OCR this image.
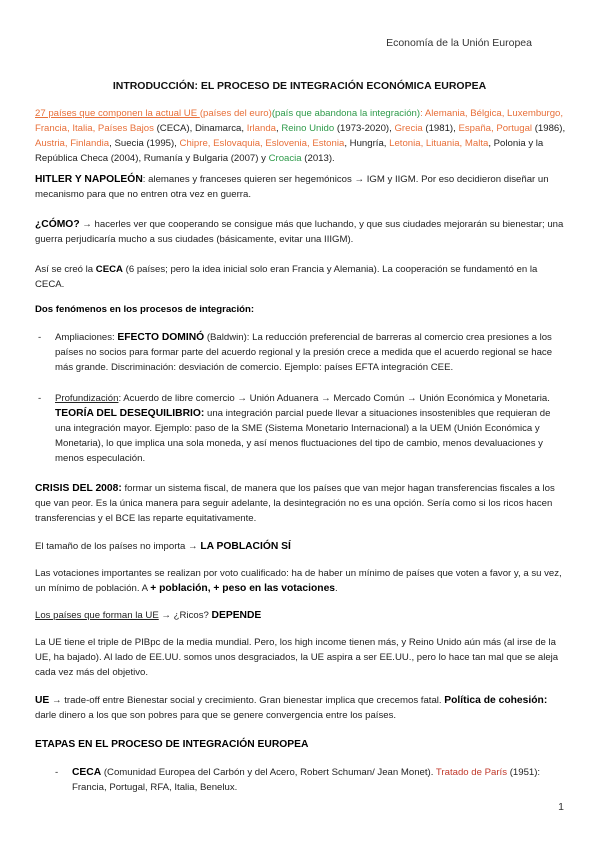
Economía de la Unión Europea
INTRODUCCIÓN: EL PROCESO DE INTEGRACIÓN ECONÓMICA EUROPEA
27 países que componen la actual UE (países del euro)(país que abandona la integración): Alemania, Bélgica, Luxemburgo, Francia, Italia, Países Bajos (CECA), Dinamarca, Irlanda, Reino Unido (1973-2020), Grecia (1981), España, Portugal (1986), Austria, Finlandia, Suecia (1995), Chipre, Eslovaquia, Eslovenia, Estonia, Hungría, Letonia, Lituania, Malta, Polonia y la República Checa (2004), Rumanía y Bulgaria (2007) y Croacia (2013).
HITLER Y NAPOLEÓN: alemanes y franceses quieren ser hegemónicos → IGM y IIGM. Por eso decidieron diseñar un mecanismo para que no entren otra vez en guerra.
¿CÓMO? → hacerles ver que cooperando se consigue más que luchando, y que sus ciudades mejorarán su bienestar; una guerra perjudicaría mucho a sus ciudades (básicamente, evitar una IIIGM).
Así se creó la CECA (6 países; pero la idea inicial solo eran Francia y Alemania). La cooperación se fundamentó en la CECA.
Dos fenómenos en los procesos de integración:
- Ampliaciones: EFECTO DOMINÓ (Baldwin): La reducción preferencial de barreras al comercio crea presiones a los países no socios para formar parte del acuerdo regional y la presión crece a medida que el acuerdo regional se hace más grande. Discriminación: desviación de comercio. Ejemplo: países EFTA integración CEE.
- Profundización: Acuerdo de libre comercio → Unión Aduanera → Mercado Común → Unión Económica y Monetaria. TEORÍA DEL DESEQUILIBRIO: una integración parcial puede llevar a situaciones insostenibles que requieran de una integración mayor. Ejemplo: paso de la SME (Sistema Monetario Internacional) a la UEM (Unión Económica y Monetaria), lo que implica una sola moneda, y así menos fluctuaciones del tipo de cambio, menos devaluaciones y menos especulación.
CRISIS DEL 2008: formar un sistema fiscal, de manera que los países que van mejor hagan transferencias fiscales a los que van peor. Es la única manera para seguir adelante, la desintegración no es una opción. Sería como si los ricos hacen transferencias y el BCE las reparte equitativamente.
El tamaño de los países no importa → LA POBLACIÓN SÍ
Las votaciones importantes se realizan por voto cualificado: ha de haber un mínimo de países que voten a favor y, a su vez, un mínimo de población. A + población, + peso en las votaciones.
Los países que forman la UE → ¿Ricos? DEPENDE
La UE tiene el triple de PIBpc de la media mundial. Pero, los high income tienen más, y Reino Unido aún más (al irse de la UE, ha bajado). Al lado de EE.UU. somos unos desgraciados, la UE aspira a ser EE.UU., pero lo hace tan mal que se aleja cada vez más del objetivo.
UE → trade-off entre Bienestar social y crecimiento. Gran bienestar implica que crecemos fatal. Política de cohesión: darle dinero a los que son pobres para que se genere convergencia entre los países.
ETAPAS EN EL PROCESO DE INTEGRACIÓN EUROPEA
- CECA (Comunidad Europea del Carbón y del Acero, Robert Schuman/ Jean Monet). Tratado de París (1951): Francia, Portugal, RFA, Italia, Benelux.
1
